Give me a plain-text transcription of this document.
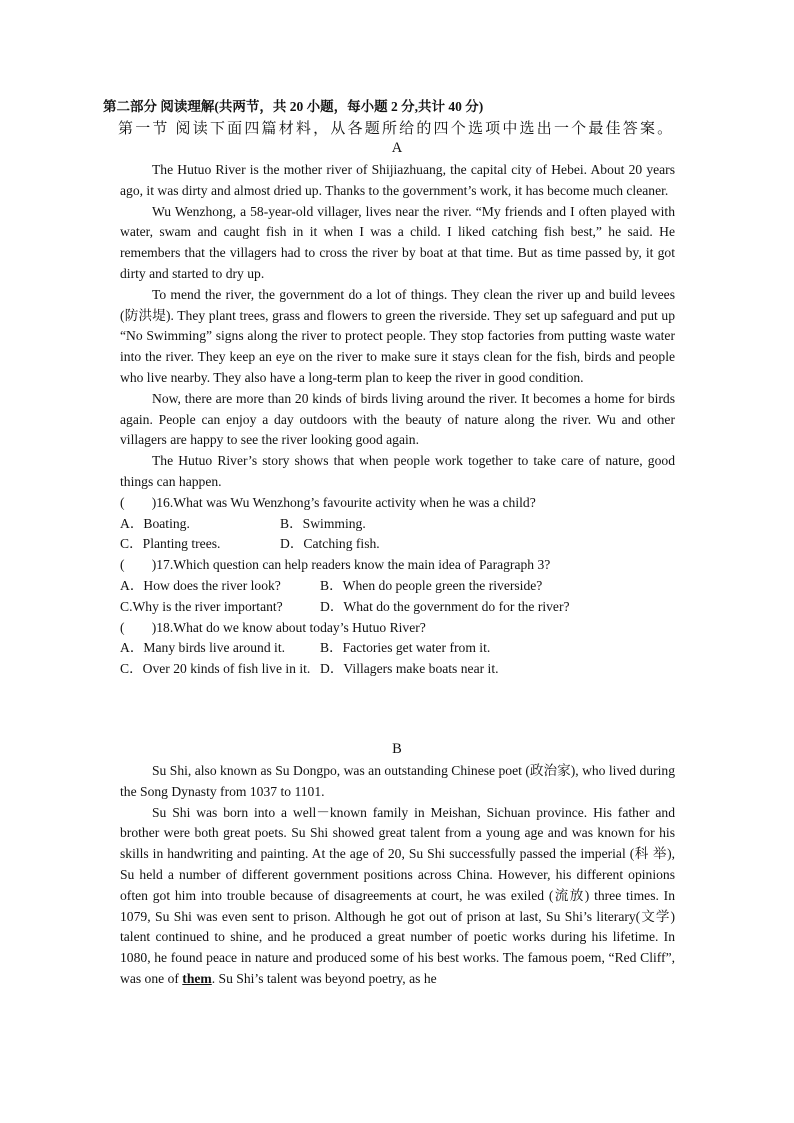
第二部分 阅读理解(共两节，共 20 小题，每小题 2 分,共计 40 分)
第一节 阅读下面四篇材料，从各题所给的四个选项中选出一个最佳答案。
A

The Hutuo River is the mother river of Shijiazhuang, the capital city of Hebei. About 20 years ago, it was dirty and almost dried up. Thanks to the government’s work, it has become much cleaner.

Wu Wenzhong, a 58-year-old villager, lives near the river. “My friends and I often played with water, swam and caught fish in it when I was a child. I liked catching fish best,” he said. He remembers that the villagers had to cross the river by boat at that time. But as time passed by, it got dirty and started to dry up.

To mend the river, the government do a lot of things. They clean the river up and build levees (防洪堤). They plant trees, grass and flowers to green the riverside. They set up safeguard and put up “No Swimming” signs along the river to protect people. They stop factories from putting waste water into the river. They keep an eye on the river to make sure it stays clean for the fish, birds and people who live nearby. They also have a long-term plan to keep the river in good condition.

Now, there are more than 20 kinds of birds living around the river. It becomes a home for birds again. People can enjoy a day outdoors with the beauty of nature along the river. Wu and other villagers are happy to see the river looking good again.

The Hutuo River’s story shows that when people work together to take care of nature, good things can happen.

(　　)16.What was Wu Wenzhong’s favourite activity when he was a child?
A．Boating.	B．Swimming.
C．Planting trees.	D．Catching fish.
(　　)17.Which question can help readers know the main idea of Paragraph 3?
A．How does the river look?	B．When do people green the riverside?
C.Why is the river important?	D．What do the government do for the river?
(　　)18.What do we know about today’s Hutuo River?
A．Many birds live around it.	B．Factories get water from it.
C．Over 20 kinds of fish live in it. D．Villagers make boats near it.
B

Su Shi, also known as Su Dongpo, was an outstanding Chinese poet (政治家), who lived during the Song Dynasty from 1037 to 1101.

Su Shi was born into a well－known family in Meishan, Sichuan province. His father and brother were both great poets. Su Shi showed great talent from a young age and was known for his skills in handwriting and painting. At the age of 20, Su Shi successfully passed the imperial (科 举), Su held a number of different government positions across China. However, his different opinions often got him into trouble because of disagreements at court, he was exiled (流放) three times. In 1079, Su Shi was even sent to prison. Although he got out of prison at last, Su Shi’s literary(文学) talent continued to shine, and he produced a great number of poetic works during his lifetime. In 1080, he found peace in nature and produced some of his best works. The famous poem, “Red Cliff”, was one of them. Su Shi’s talent was beyond poetry, as he
